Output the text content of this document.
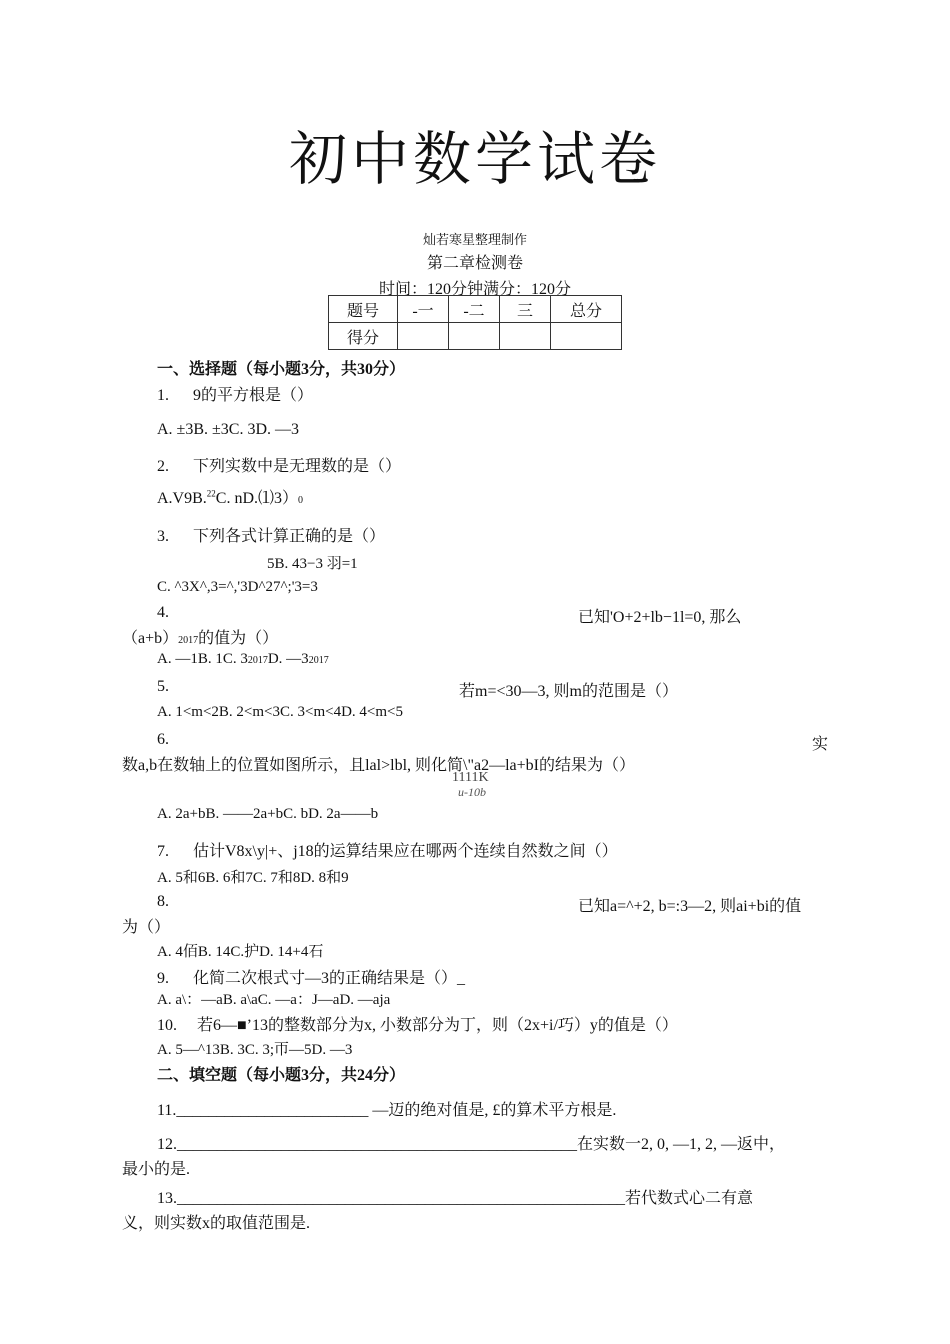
初中数学试卷
灿若寒星整理制作
第二章检测卷
时间：120分钟满分：120分
题号	-一	-二	三	总分
得分				
一、选择题（每小题3分，共30分）
1.      9的平方根是（）
A. ±3B. ±3C. 3D. —3
2.      下列实数中是无理数的是（）
A.V9B.$^{22}$C. nD.⑴3）0
3.      下列各式计算正确的是（）
5B. 43−3 羽=1
C. ^3X^,3=^,'3D^27^;'3=3
4.	已知'O+2+lb−1l=0, 那么
（a+b）2017的值为（）
A. —1B. 1C. 32017D. —32017
5.	若m=<30—3, 则m的范围是（）
A. 1<m<2B. 2<m<3C. 3<m<4D. 4<m<5
6.	实
数a,b在数轴上的位置如图所示，且lal>lbl, 则化简\"a2—la+bI的结果为（）
1111K
u-10b
A. 2a+bB. ——2a+bC. bD. 2a——b
7.      估计V8x\y|+、j18的运算结果应在哪两个连续自然数之间（）
A. 5和6B. 6和7C. 7和8D. 8和9
8.	已知a=^+2, b=:3—2, 则ai+bi的值
为（）
A. 4佰B. 14C.护D. 14+4石
9.      化简二次根式寸—3的正确结果是（）_
A. a\：—aB. a\aC. —a：J—aD. —aja
10.     若6—■’13的整数部分为x, 小数部分为丁，则（2x+i/巧）y的值是（）
A. 5—^13B. 3C. 3;帀—5D. —3
二、填空题（每小题3分，共24分）
11.________________________ —迈的绝对值是, £的算术平方根是.
12.__________________________________________________在实数一2, 0, —1, 2, —返中，
最小的是.
13.________________________________________________________若代数式心二有意
义，则实数x的取值范围是.
